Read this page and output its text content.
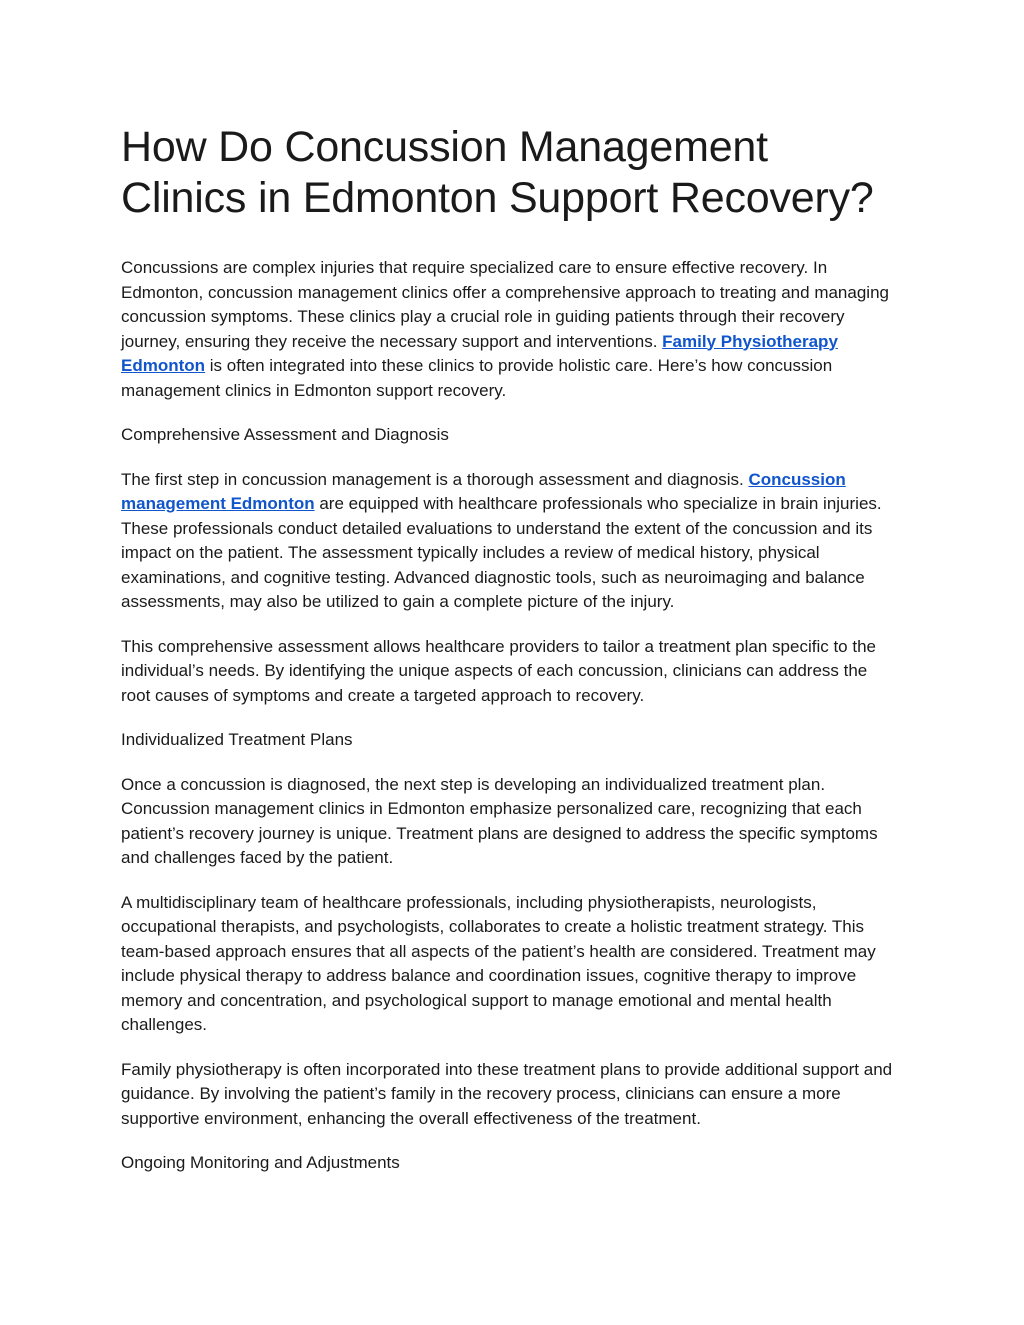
How Do Concussion Management Clinics in Edmonton Support Recovery?

Concussions are complex injuries that require specialized care to ensure effective recovery. In Edmonton, concussion management clinics offer a comprehensive approach to treating and managing concussion symptoms. These clinics play a crucial role in guiding patients through their recovery journey, ensuring they receive the necessary support and interventions. Family Physiotherapy Edmonton is often integrated into these clinics to provide holistic care. Here’s how concussion management clinics in Edmonton support recovery.

Comprehensive Assessment and Diagnosis

The first step in concussion management is a thorough assessment and diagnosis. Concussion management Edmonton are equipped with healthcare professionals who specialize in brain injuries. These professionals conduct detailed evaluations to understand the extent of the concussion and its impact on the patient. The assessment typically includes a review of medical history, physical examinations, and cognitive testing. Advanced diagnostic tools, such as neuroimaging and balance assessments, may also be utilized to gain a complete picture of the injury.

This comprehensive assessment allows healthcare providers to tailor a treatment plan specific to the individual’s needs. By identifying the unique aspects of each concussion, clinicians can address the root causes of symptoms and create a targeted approach to recovery.

Individualized Treatment Plans

Once a concussion is diagnosed, the next step is developing an individualized treatment plan. Concussion management clinics in Edmonton emphasize personalized care, recognizing that each patient’s recovery journey is unique. Treatment plans are designed to address the specific symptoms and challenges faced by the patient.

A multidisciplinary team of healthcare professionals, including physiotherapists, neurologists, occupational therapists, and psychologists, collaborates to create a holistic treatment strategy. This team-based approach ensures that all aspects of the patient’s health are considered. Treatment may include physical therapy to address balance and coordination issues, cognitive therapy to improve memory and concentration, and psychological support to manage emotional and mental health challenges.

Family physiotherapy is often incorporated into these treatment plans to provide additional support and guidance. By involving the patient’s family in the recovery process, clinicians can ensure a more supportive environment, enhancing the overall effectiveness of the treatment.

Ongoing Monitoring and Adjustments
